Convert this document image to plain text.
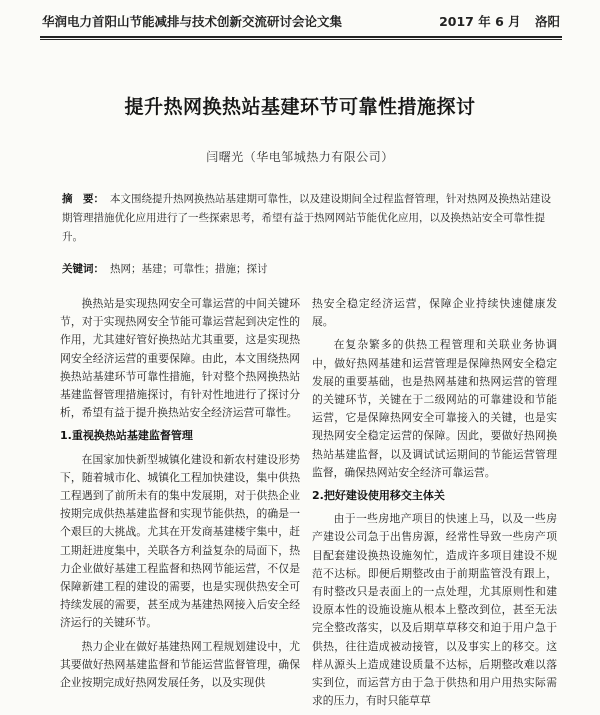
华润电力首阳山节能减排与技术创新交流研讨会论文集	2017 年 6 月 洛阳
提升热网换热站基建环节可靠性措施探讨
闫曙光（华电邹城热力有限公司）
摘　要： 本文围绕提升热网换热站基建期可靠性，以及建设期间全过程监督管理，针对热网及换热站建设期管理措施优化应用进行了一些探索思考，希望有益于热网网站节能优化应用，以及换热站安全可靠性提升。
关键词： 热网；基建；可靠性；措施；探讨

换热站是实现热网安全可靠运营的中间关键环节，对于实现热网安全节能可靠运营起到决定性的作用，尤其建好管好换热站尤其重要，这是实现热网安全经济运营的重要保障。由此，本文围绕热网换热站基建环节可靠性措施，针对整个热网换热站基建监督管理措施探讨，有针对性地进行了探讨分析，希望有益于提升换热站安全经济运营可靠性。

1.重视换热站基建监督管理

在国家加快新型城镇化建设和新农村建设形势下，随着城市化、城镇化工程加快建设，集中供热工程遇到了前所未有的集中发展期，对于供热企业按期完成供热基建监督和实现节能供热，的确是一个艰巨的大挑战。尤其在开发商基建楼宇集中，赶工期赶进度集中，关联各方利益复杂的局面下，热力企业做好基建工程监督和热网节能运营，不仅是保障新建工程的建设的需要，也是实现供热安全可持续发展的需要，甚至成为基建热网接入后安全经济运行的关键环节。

热力企业在做好基建热网工程规划建设中，尤其要做好热网基建监督和节能运营监督管理，确保企业按期完成好热网发展任务，以及实现供

热安全稳定经济运营，保障企业持续快速健康发展。

在复杂繁多的供热工程管理和关联业务协调中，做好热网基建和运营管理是保障热网安全稳定发展的重要基础，也是热网基建和热网运营的管理的关键环节，关键在于二级网站的可靠建设和节能运营，它是保障热网安全可靠接入的关键，也是实现热网安全稳定运营的保障。因此，要做好热网换热站基建监督，以及调试试运期间的节能运营管理监督，确保热网站安全经济可靠运营。

2.把好建设使用移交主体关

由于一些房地产项目的快速上马，以及一些房产建设公司急于出售房源，经常性导致一些房产项目配套建设换热设施匆忙，造成许多项目建设不规范不达标。即便后期整改由于前期监管没有跟上，有时整改只是表面上的一点处理，尤其原则性和建设原本性的设施设施从根本上整改到位，甚至无法完全整改落实，以及后期草草移交和迫于用户急于供热，往往造成被动接管，以及事实上的移交。这样从源头上造成建设质量不达标，后期整改难以落实到位，而运营方由于急于供热和用户用热实际需求的压力，有时只能草草
